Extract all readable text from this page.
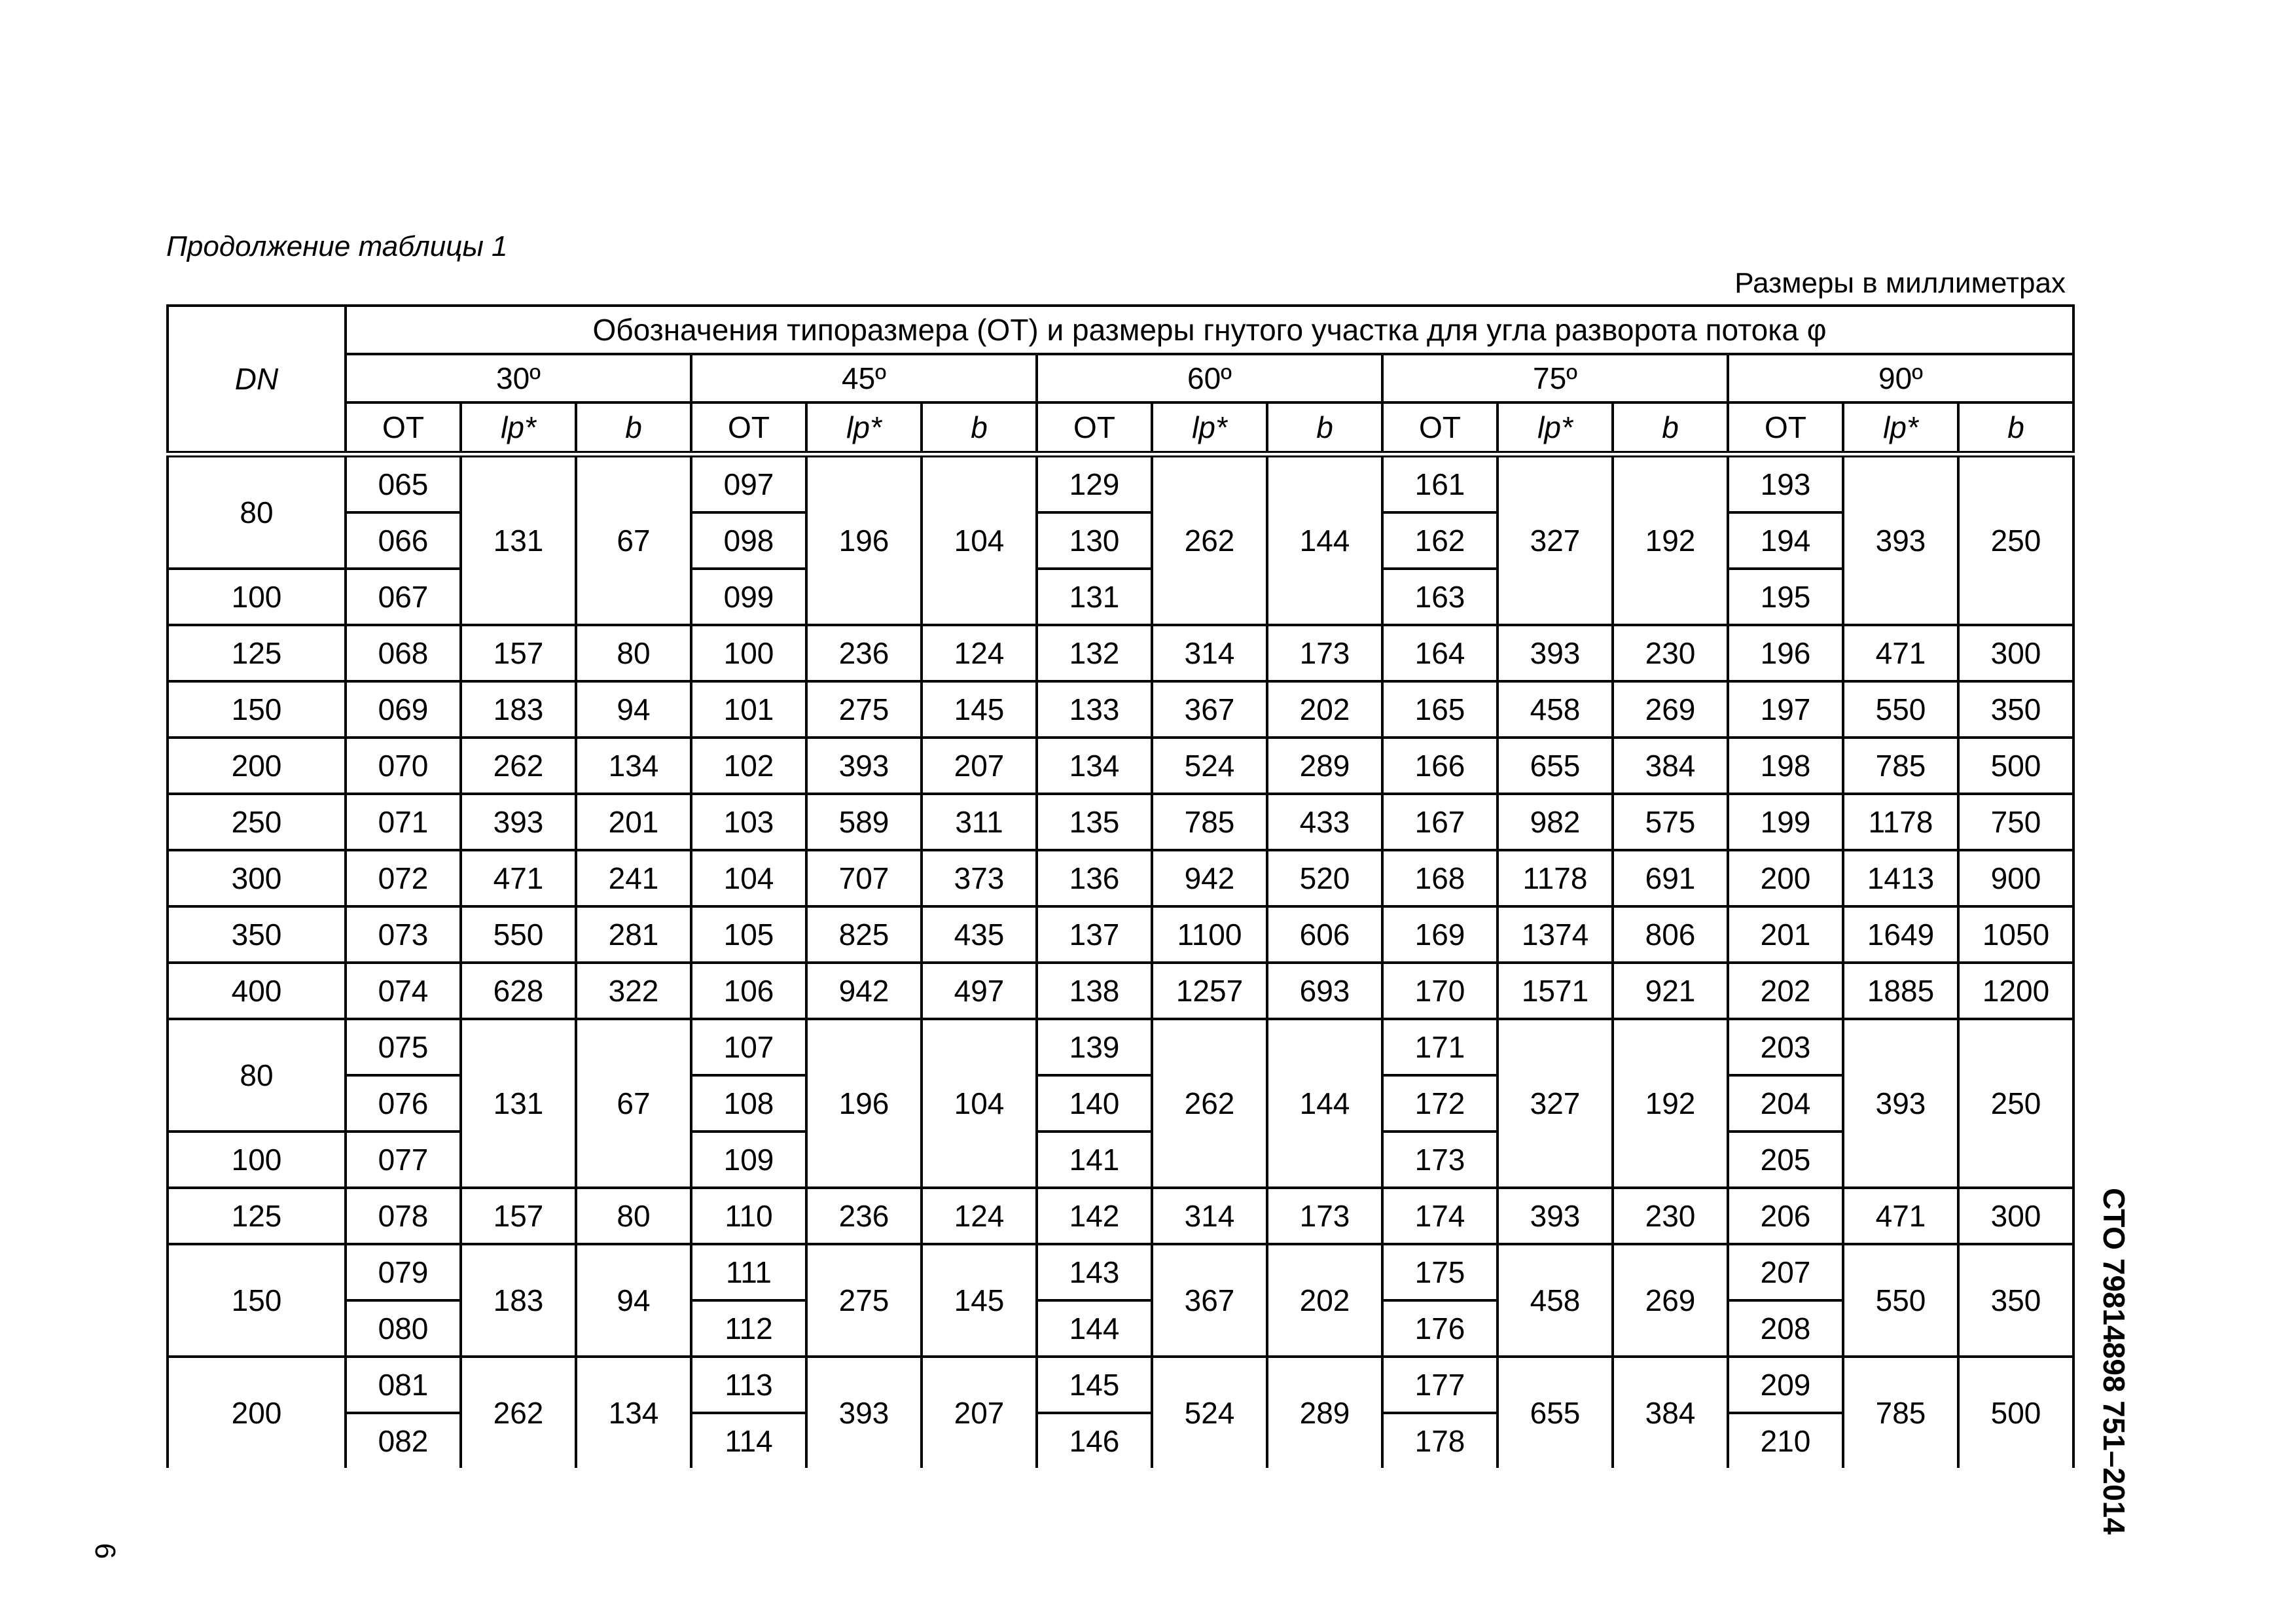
Продолжение таблицы 1
Размеры в миллиметрах
DN	Обозначения типоразмера (ОТ) и размеры гнутого участка для угла разворота потока φ														
	30º			45º			60º			75º			90º		
	ОТ	lр*	b	ОТ	lр*	b	ОТ	lр*	b	ОТ	lр*	b	ОТ	lр*	b
80	065	131	67	097	196	104	129	262	144	161	327	192	193	393	250
	066			098			130			162			194		
100	067			099			131			163			195		
125	068	157	80	100	236	124	132	314	173	164	393	230	196	471	300
150	069	183	94	101	275	145	133	367	202	165	458	269	197	550	350
200	070	262	134	102	393	207	134	524	289	166	655	384	198	785	500
250	071	393	201	103	589	311	135	785	433	167	982	575	199	1178	750
300	072	471	241	104	707	373	136	942	520	168	1178	691	200	1413	900
350	073	550	281	105	825	435	137	1100	606	169	1374	806	201	1649	1050
400	074	628	322	106	942	497	138	1257	693	170	1571	921	202	1885	1200
80	075	131	67	107	196	104	139	262	144	171	327	192	203	393	250
	076			108			140			172			204		
100	077			109			141			173			205		
125	078	157	80	110	236	124	142	314	173	174	393	230	206	471	300
150	079	183	94	111	275	145	143	367	202	175	458	269	207	550	350
	080			112			144			176			208		
200	081	262	134	113	393	207	145	524	289	177	655	384	209	785	500
	082			114			146			178			210			СТО 79814898 751–2014
6
